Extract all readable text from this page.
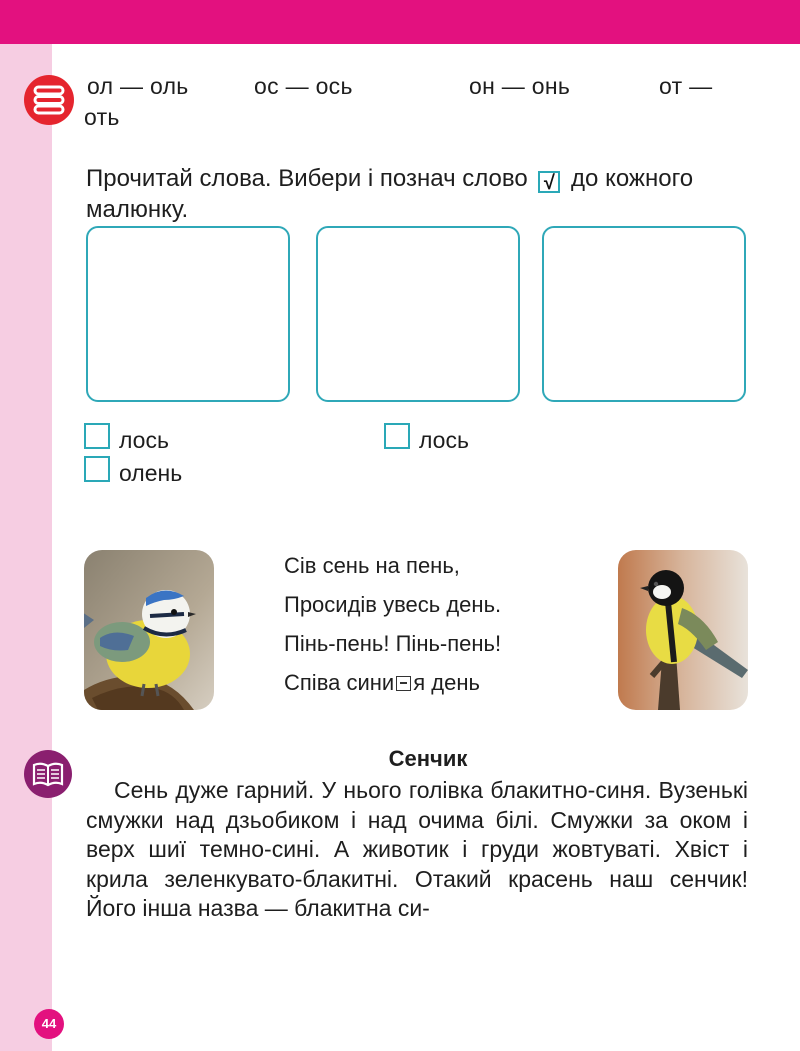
ол — оль	ос — ось	он — онь	от —
оть
Прочитай слова. Вибери і познач слово √ до кожного малюнку.
лось
олень
лось
Сів сень на пень,
Просидів увесь день.
Пінь-пень! Пінь-пень!
Співа сини я день
Сенчик
Сень дуже гарний. У нього голівка блакитно-синя. Вузенькі смужки над дзьобиком і над очима білі. Смужки за оком і верх шиї темно-сині. А животик і груди жовтуваті. Хвіст і крила зеленкувато-блакитні. Отакий красень наш сенчик! Його інша назва — блакитна си-
44
